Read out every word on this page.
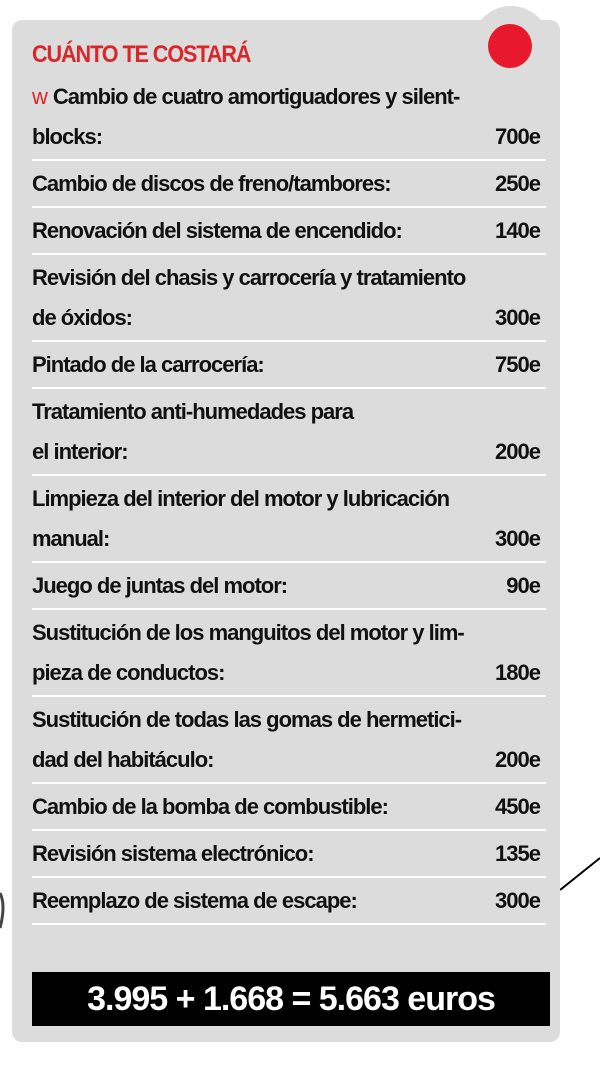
CUÁNTO TE COSTARÁ
w Cambio de cuatro amortiguadores y silent-
blocks:	700e
Cambio de discos de freno/tambores:	250e
Renovación del sistema de encendido:	140e
Revisión del chasis y carrocería y tratamiento
de óxidos:	300e
Pintado de la carrocería:	750e
Tratamiento anti-humedades para
el interior:	200e
Limpieza del interior del motor y lubricación
manual:	300e
Juego de juntas del motor:	90e
Sustitución de los manguitos del motor y lim-
pieza de conductos:	180e
Sustitución de todas las gomas de hermetici-
dad del habitáculo:	200e
Cambio de la bomba de combustible:	450e
Revisión sistema electrónico:	135e
Reemplazo de sistema de escape:	300e
3.995 + 1.668 = 5.663 euros
